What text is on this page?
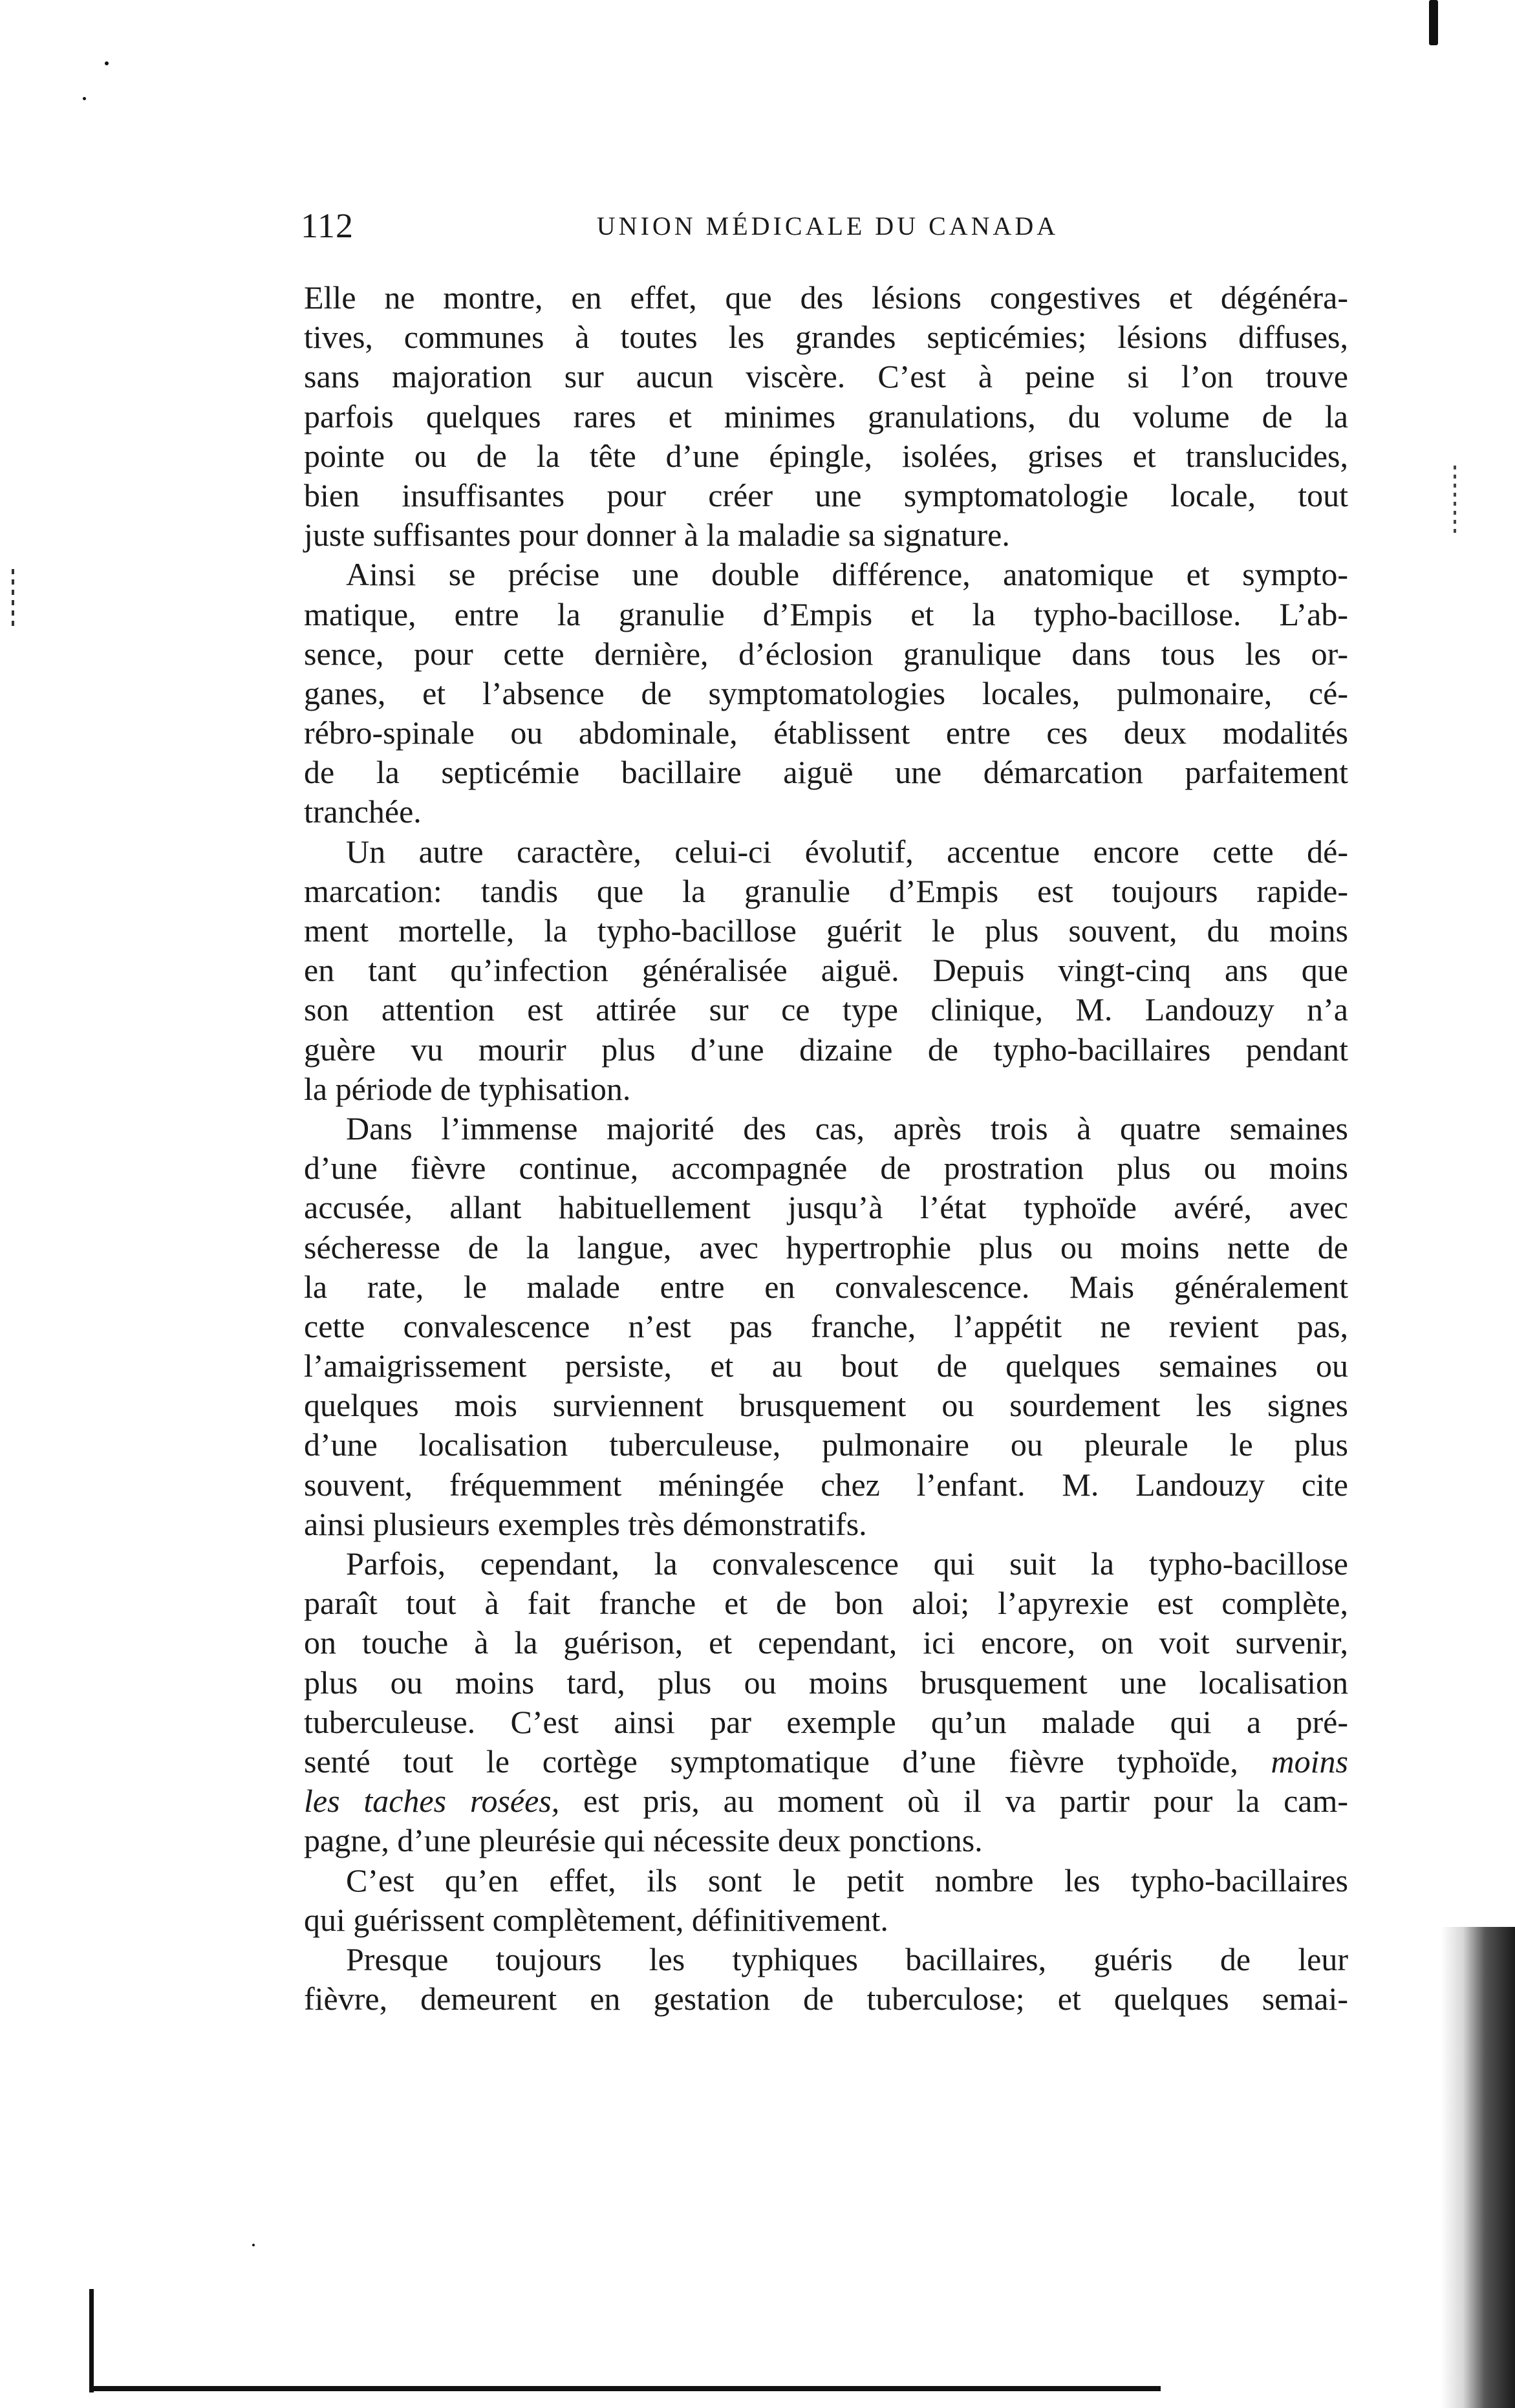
112	UNION MÉDICALE DU CANADA
Elle ne montre, en effet, que des lésions congestives et dégénéra-
tives, communes à toutes les grandes septicémies; lésions diffuses,
sans majoration sur aucun viscère. C’est à peine si l’on trouve
parfois quelques rares et minimes granulations, du volume de la
pointe ou de la tête d’une épingle, isolées, grises et translucides,
bien insuffisantes pour créer une symptomatologie locale, tout
juste suffisantes pour donner à la maladie sa signature.
Ainsi se précise une double différence, anatomique et sympto-
matique, entre la granulie d’Empis et la typho-bacillose. L’ab-
sence, pour cette dernière, d’éclosion granulique dans tous les or-
ganes, et l’absence de symptomatologies locales, pulmonaire, cé-
rébro-spinale ou abdominale, établissent entre ces deux modalités
de la septicémie bacillaire aiguë une démarcation parfaitement
tranchée.
Un autre caractère, celui-ci évolutif, accentue encore cette dé-
marcation: tandis que la granulie d’Empis est toujours rapide-
ment mortelle, la typho-bacillose guérit le plus souvent, du moins
en tant qu’infection généralisée aiguë. Depuis vingt-cinq ans que
son attention est attirée sur ce type clinique, M. Landouzy n’a
guère vu mourir plus d’une dizaine de typho-bacillaires pendant
la période de typhisation.
Dans l’immense majorité des cas, après trois à quatre semaines
d’une fièvre continue, accompagnée de prostration plus ou moins
accusée, allant habituellement jusqu’à l’état typhoïde avéré, avec
sécheresse de la langue, avec hypertrophie plus ou moins nette de
la rate, le malade entre en convalescence. Mais généralement
cette convalescence n’est pas franche, l’appétit ne revient pas,
l’amaigrissement persiste, et au bout de quelques semaines ou
quelques mois surviennent brusquement ou sourdement les signes
d’une localisation tuberculeuse, pulmonaire ou pleurale le plus
souvent, fréquemment méningée chez l’enfant. M. Landouzy cite
ainsi plusieurs exemples très démonstratifs.
Parfois, cependant, la convalescence qui suit la typho-bacillose
paraît tout à fait franche et de bon aloi; l’apyrexie est complète,
on touche à la guérison, et cependant, ici encore, on voit survenir,
plus ou moins tard, plus ou moins brusquement une localisation
tuberculeuse. C’est ainsi par exemple qu’un malade qui a pré-
senté tout le cortège symptomatique d’une fièvre typhoïde, moins
les taches rosées, est pris, au moment où il va partir pour la cam-
pagne, d’une pleurésie qui nécessite deux ponctions.
C’est qu’en effet, ils sont le petit nombre les typho-bacillaires
qui guérissent complètement, définitivement.
Presque toujours les typhiques bacillaires, guéris de leur
fièvre, demeurent en gestation de tuberculose; et quelques semai-
